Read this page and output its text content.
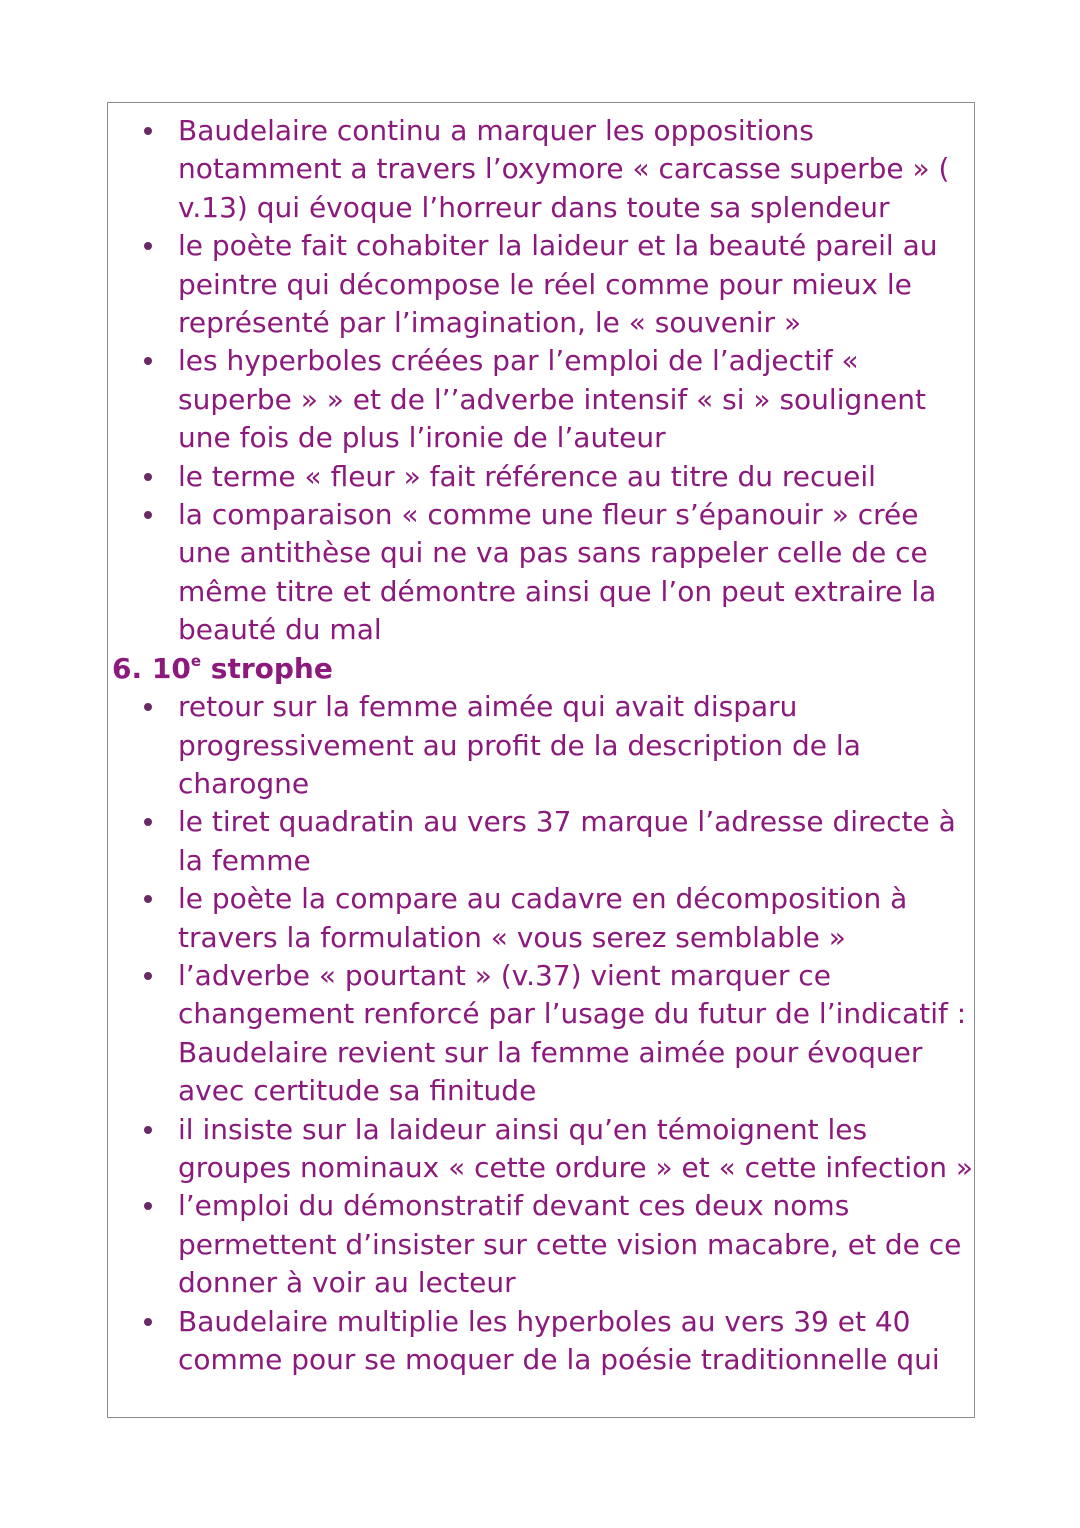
Baudelaire continu a marquer les oppositions notamment a travers l’oxymore « carcasse superbe » ( v.13) qui évoque l’horreur dans toute sa splendeur
le poète fait cohabiter la laideur et la beauté pareil au peintre qui décompose le réel comme pour mieux le représenté par l’imagination, le « souvenir »
les hyperboles créées par l’emploi de l’adjectif « superbe » » et de l’’adverbe intensif « si » soulignent une fois de plus l’ironie de l’auteur
le terme « fleur » fait référence au titre du recueil
la comparaison « comme une fleur s’épanouir » crée une antithèse qui ne va pas sans rappeler celle de ce même titre et démontre ainsi que l’on peut extraire la beauté du mal
6. 10e strophe
retour sur la femme aimée qui avait disparu progressivement au profit de la description de la charogne
le tiret quadratin au vers 37 marque l’adresse directe à la femme
le poète la compare au cadavre en décomposition à travers la formulation « vous serez semblable »
l’adverbe « pourtant » (v.37) vient marquer ce changement renforcé par l’usage du futur de l’indicatif : Baudelaire revient sur la femme aimée pour évoquer avec certitude sa finitude
il insiste sur la laideur ainsi qu’en témoignent les groupes nominaux « cette ordure » et « cette infection »
l’emploi du démonstratif devant ces deux noms permettent d’insister sur cette vision macabre, et de ce donner à voir au lecteur
Baudelaire multiplie les hyperboles au vers 39 et 40 comme pour se moquer de la poésie traditionnelle qui
